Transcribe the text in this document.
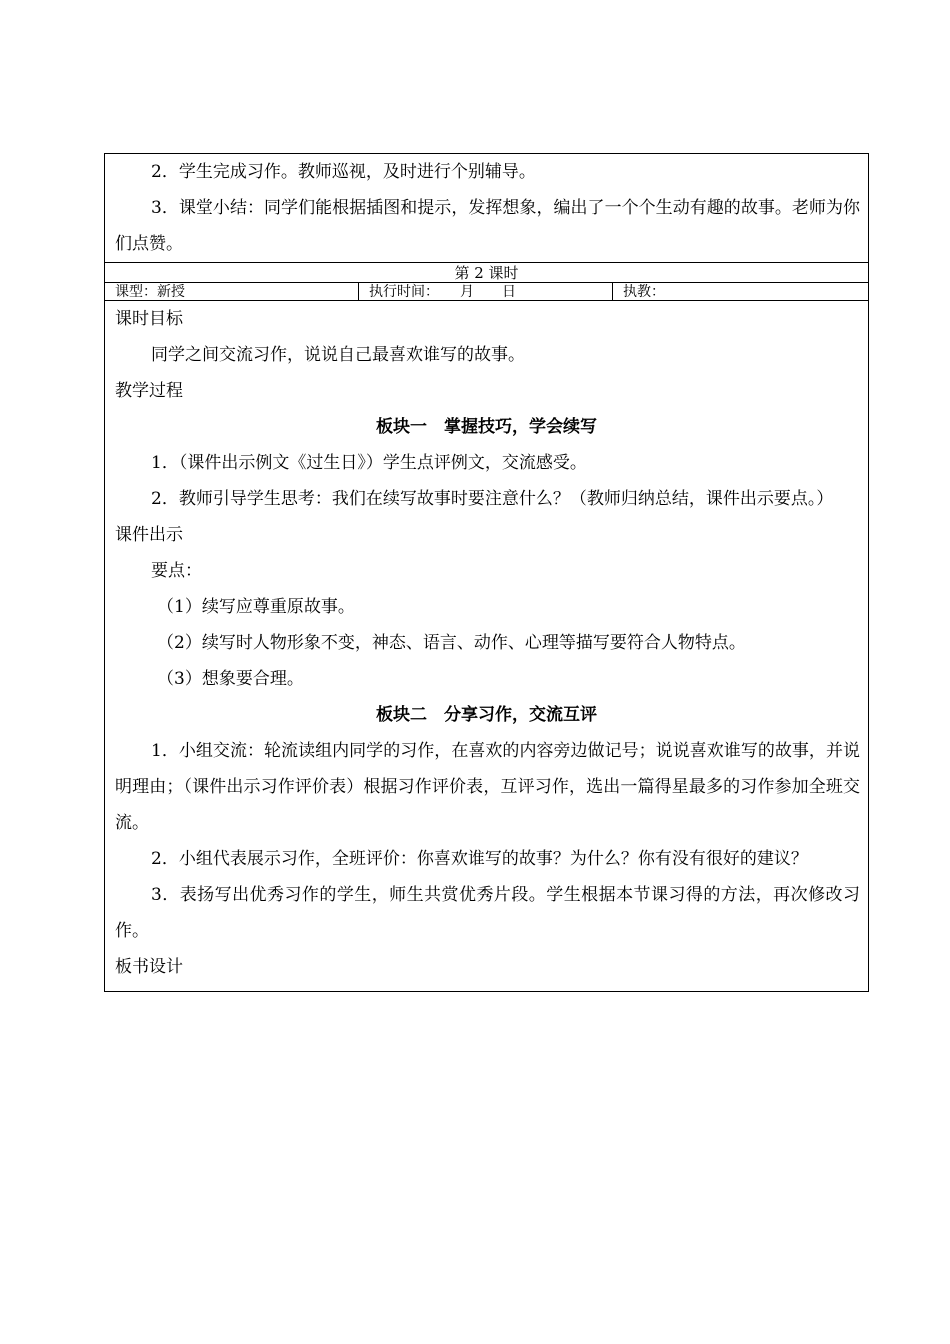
2．学生完成习作。教师巡视，及时进行个别辅导。

3．课堂小结：同学们能根据插图和提示，发挥想象，编出了一个个生动有趣的故事。老师为你们点赞。

第 2 课时
课型：新授	执行时间：　　月　　日	执教：

课时目标

同学之间交流习作，说说自己最喜欢谁写的故事。

教学过程

板块一　掌握技巧，学会续写

1．（课件出示例文《过生日》）学生点评例文，交流感受。

2．教师引导学生思考：我们在续写故事时要注意什么？（教师归纳总结，课件出示要点。）

课件出示

要点：

（1）续写应尊重原故事。

（2）续写时人物形象不变，神态、语言、动作、心理等描写要符合人物特点。

（3）想象要合理。

板块二　分享习作，交流互评

1．小组交流：轮流读组内同学的习作，在喜欢的内容旁边做记号；说说喜欢谁写的故事，并说明理由；（课件出示习作评价表）根据习作评价表，互评习作，选出一篇得星最多的习作参加全班交流。

2．小组代表展示习作，全班评价：你喜欢谁写的故事？为什么？你有没有很好的建议？

3．表扬写出优秀习作的学生，师生共赏优秀片段。学生根据本节课习得的方法，再次修改习作。

板书设计
